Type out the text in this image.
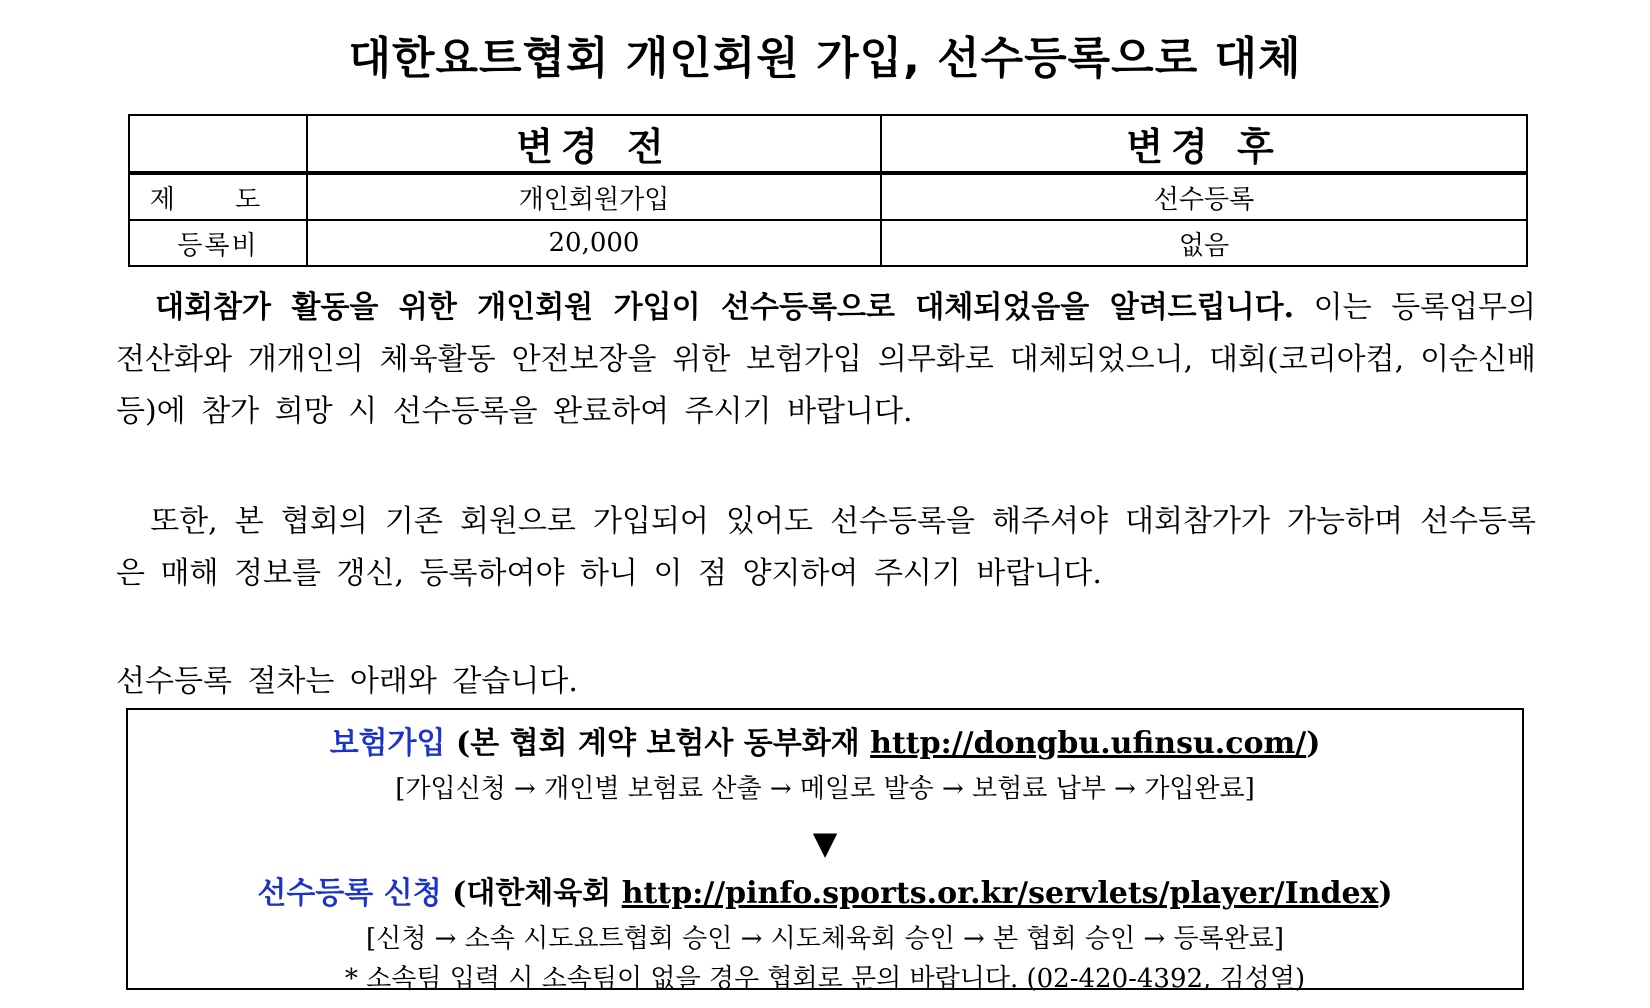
대한요트협회 개인회원 가입, 선수등록으로 대체
	변경 전	변경 후
제 도	개인회원가입	선수등록
등록비	20,000	없음
대회참가 활동을 위한 개인회원 가입이 선수등록으로 대체되었음을 알려드립니다. 이는 등록업무의 전산화와 개개인의 체육활동 안전보장을 위한 보험가입 의무화로 대체되었으니, 대회(코리아컵, 이순신배 등)에 참가 희망 시 선수등록을 완료하여 주시기 바랍니다.
또한, 본 협회의 기존 회원으로 가입되어 있어도 선수등록을 해주셔야 대회참가가 가능하며 선수등록은 매해 정보를 갱신, 등록하여야 하니 이 점 양지하여 주시기 바랍니다.
선수등록 절차는 아래와 같습니다.
보험가입 (본 협회 계약 보험사 동부화재 http://dongbu.ufinsu.com/)
[가입신청 → 개인별 보험료 산출 → 메일로 발송 → 보험료 납부 → 가입완료]
▼
선수등록 신청 (대한체육회 http://pinfo.sports.or.kr/servlets/player/Index)
[신청 → 소속 시도요트협회 승인 → 시도체육회 승인 → 본 협회 승인 → 등록완료]
* 소속팀 입력 시 소속팀이 없을 경우 협회로 문의 바랍니다. (02-420-4392, 김성열)
